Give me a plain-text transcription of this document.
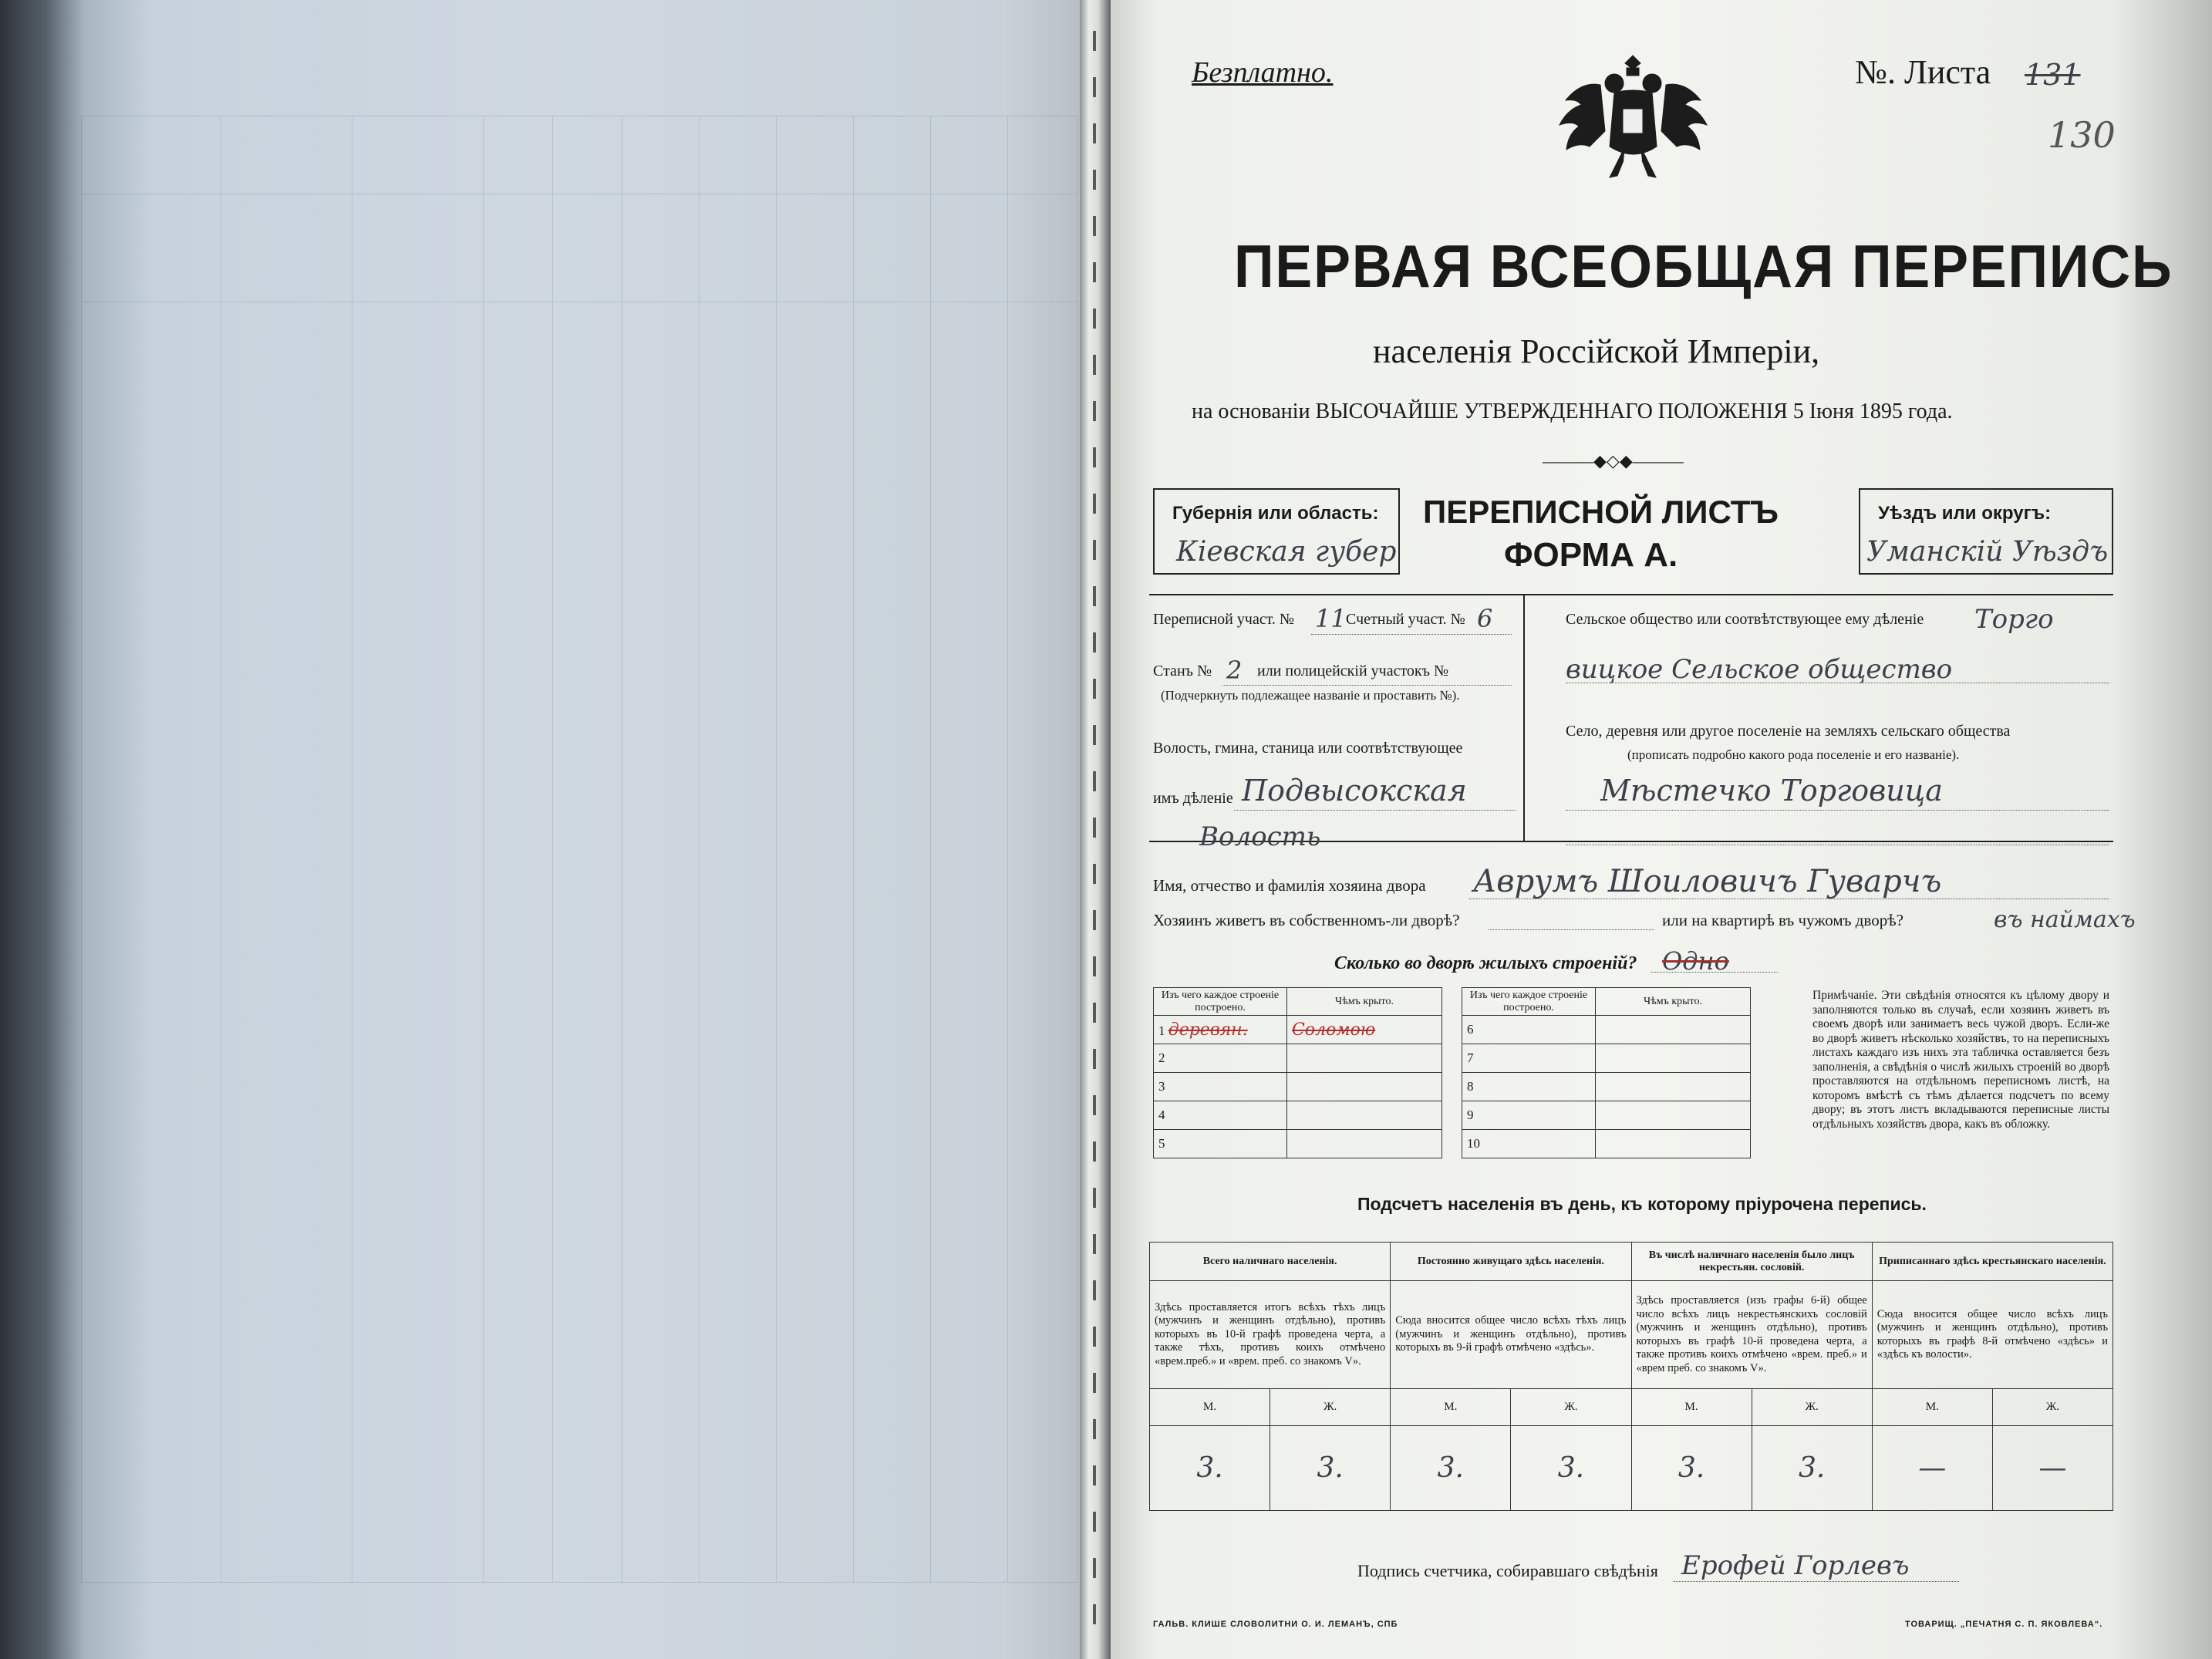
Безплатно.	№. Листа 131
130
ПЕРВАЯ ВСЕОБЩАЯ ПЕРЕПИСЬ
населенія Россійской Имперіи,
на основаніи ВЫСОЧАЙШЕ УТВЕРЖДЕННАГО ПОЛОЖЕНІЯ 5 Іюня 1895 года.
———◆◇◆———
Губернія или область:
Кіевская губер
ПЕРЕПИСНОЙ ЛИСТЪ
ФОРМА А.
Уѣздъ или округъ:
Уманскій Уѣздъ
Переписной участ. № 11 Счетный участ. № 6
Станъ № 2 или полицейскій участокъ №
(Подчеркнуть подлежащее названіе и проставить №).
Волость, гмина, станица или соотвѣтствующее
имъ дѣленіе Подвысокская
Волость
Сельское общество или соотвѣтствующее ему дѣленіе Торго
вицкое Сельское общество
Село, деревня или другое поселеніе на земляхъ сельскаго общества
(прописать подробно какого рода поселеніе и его названіе).
Мѣстечко Торговица
Имя, отчество и фамилія хозяина двора Аврумъ Шоиловичъ Гуварчъ
Хозяинъ живетъ въ собственномъ-ли дворѣ?	или на квартирѣ въ чужомъ дворѣ?	въ наймахъ
Сколько во дворѣ жилыхъ строеній? Одно
Изъ чего каждое строеніе построено.	Чѣмъ крыто.
1 деревян.	Соломою
2	
3	
4	
5	
Изъ чего каждое строеніе построено.	Чѣмъ крыто.
6	
7	
8	
9	
10	
Примѣчаніе. Эти свѣдѣнія относятся къ цѣлому двору и заполняются только въ случаѣ, если хозяинъ живетъ въ своемъ дворѣ или занимаетъ весь чужой дворъ. Если-же во дворѣ живетъ нѣсколько хозяйствъ, то на переписныхъ листахъ каждаго изъ нихъ эта табличка оставляется безъ заполненія, а свѣдѣнія о числѣ жилыхъ строеній во дворѣ проставляются на отдѣльномъ переписномъ листѣ, на которомъ вмѣстѣ съ тѣмъ дѣлается подсчетъ по всему двору; въ этотъ листъ вкладываются переписные листы отдѣльныхъ хозяйствъ двора, какъ въ обложку.
Подсчетъ населенія въ день, къ которому пріурочена перепись.
Всего наличнаго населенія.		Постоянно живущаго здѣсь населенія.		Въ числѣ наличнаго населенія было лицъ некрестьян. сословій.		Приписаннаго здѣсь крестьянскаго населенія.	
Здѣсь проставляется итогъ всѣхъ тѣхъ лицъ (мужчинъ и женщинъ отдѣльно), противъ которыхъ въ 10-й графѣ проведена черта, а также тѣхъ, противъ коихъ отмѣчено «врем.преб.» и «врем. преб. со знакомъ V».		Сюда вносится общее число всѣхъ тѣхъ лицъ (мужчинъ и женщинъ отдѣльно), противъ которыхъ въ 9-й графѣ отмѣчено «здѣсь».		Здѣсь проставляется (изъ графы 6-й) общее число всѣхъ лицъ некрестьянскихъ сословій (мужчинъ и женщинъ отдѣльно), противъ которыхъ въ графѣ 10-й проведена черта, а также противъ коихъ отмѣчено «врем. преб.» и «врем преб. со знакомъ V».		Сюда вносится общее число всѣхъ лицъ (мужчинъ и женщинъ отдѣльно), противъ которыхъ въ графѣ 8-й отмѣчено «здѣсь» и «здѣсь къ волости».	
М.	Ж.	М.	Ж.	М.	Ж.	М.	Ж.
3.	3.	3.	3.	3.	3.	—	—
Подпись счетчика, собиравшаго свѣдѣнія Ерофей Горлевъ
ГАЛЬВ. КЛИШЕ СЛОВОЛИТНИ О. И. ЛЕМАНЪ, СПБ	ТОВАРИЩ. „ПЕЧАТНЯ С. П. ЯКОВЛЕВА“.
